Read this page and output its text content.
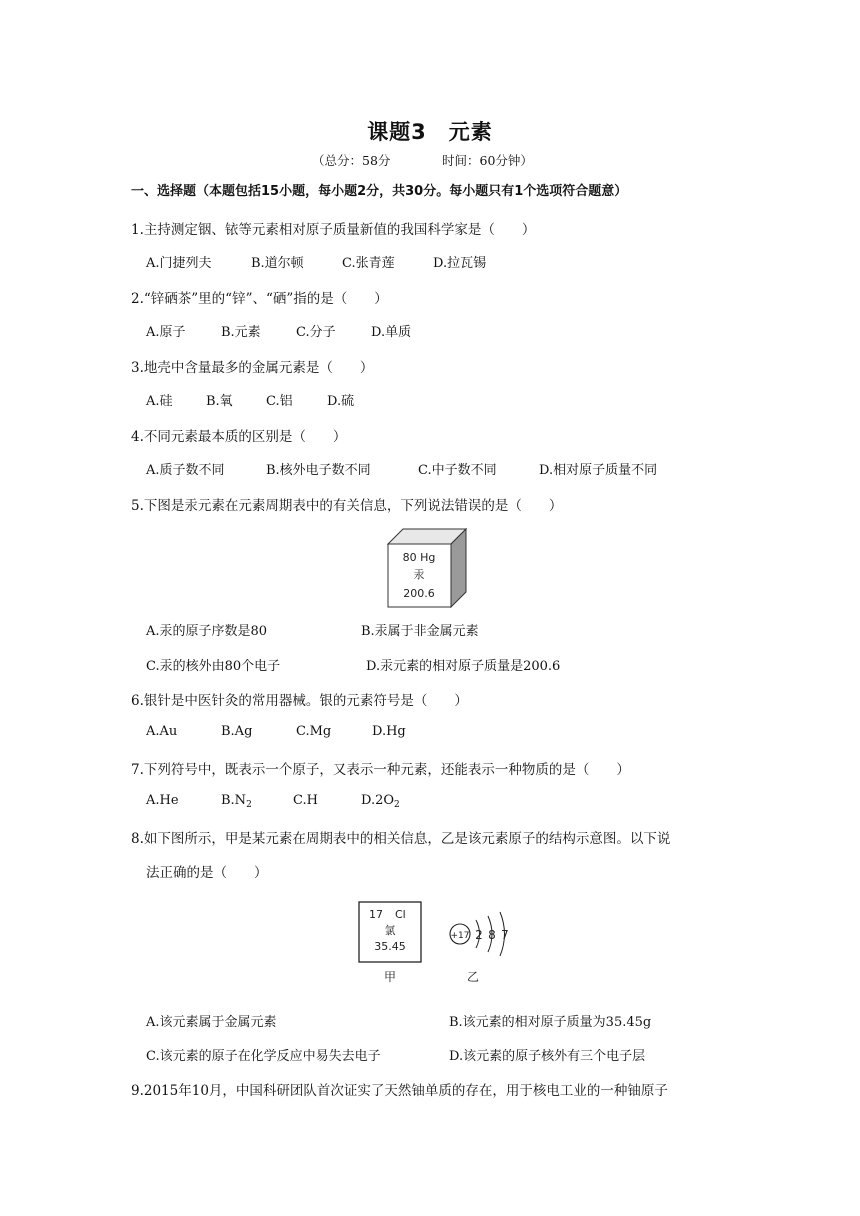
课题3　元素
（总分：58分	时间：60分钟）
一、选择题（本题包括15小题，每小题2分，共30分。每小题只有1个选项符合题意）
1.主持测定铟、铱等元素相对原子质量新值的我国科学家是（　　）
A.门捷列夫	B.道尔顿	C.张青莲	D.拉瓦锡
2.“锌硒茶”里的“锌”、“硒”指的是（　　）
A.原子	B.元素	C.分子	D.单质
3.地壳中含量最多的金属元素是（　　）
A.硅	B.氧	C.铝	D.硫
4.不同元素最本质的区别是（　　）
A.质子数不同	B.核外电子数不同	C.中子数不同	D.相对原子质量不同
5.下图是汞元素在元素周期表中的有关信息，下列说法错误的是（　　）
80 Hg
汞
200.6
A.汞的原子序数是80	B.汞属于非金属元素
C.汞的核外由80个电子	D.汞元素的相对原子质量是200.6
6.银针是中医针灸的常用器械。银的元素符号是（　　）
A.Au	B.Ag	C.Mg	D.Hg
7.下列符号中，既表示一个原子，又表示一种元素，还能表示一种物质的是（　　）
A.He	$B.N_2$	C.H	$D.2O_2$
8.如下图所示，甲是某元素在周期表中的相关信息，乙是该元素原子的结构示意图。以下说
法正确的是（　　）
17 Cl
氯
35.45
+17 2 8 7
甲	乙
A.该元素属于金属元素	B.该元素的相对原子质量为35.45g
C.该元素的原子在化学反应中易失去电子	D.该元素的原子核外有三个电子层
9.2015年10月，中国科研团队首次证实了天然铀单质的存在，用于核电工业的一种铀原子
